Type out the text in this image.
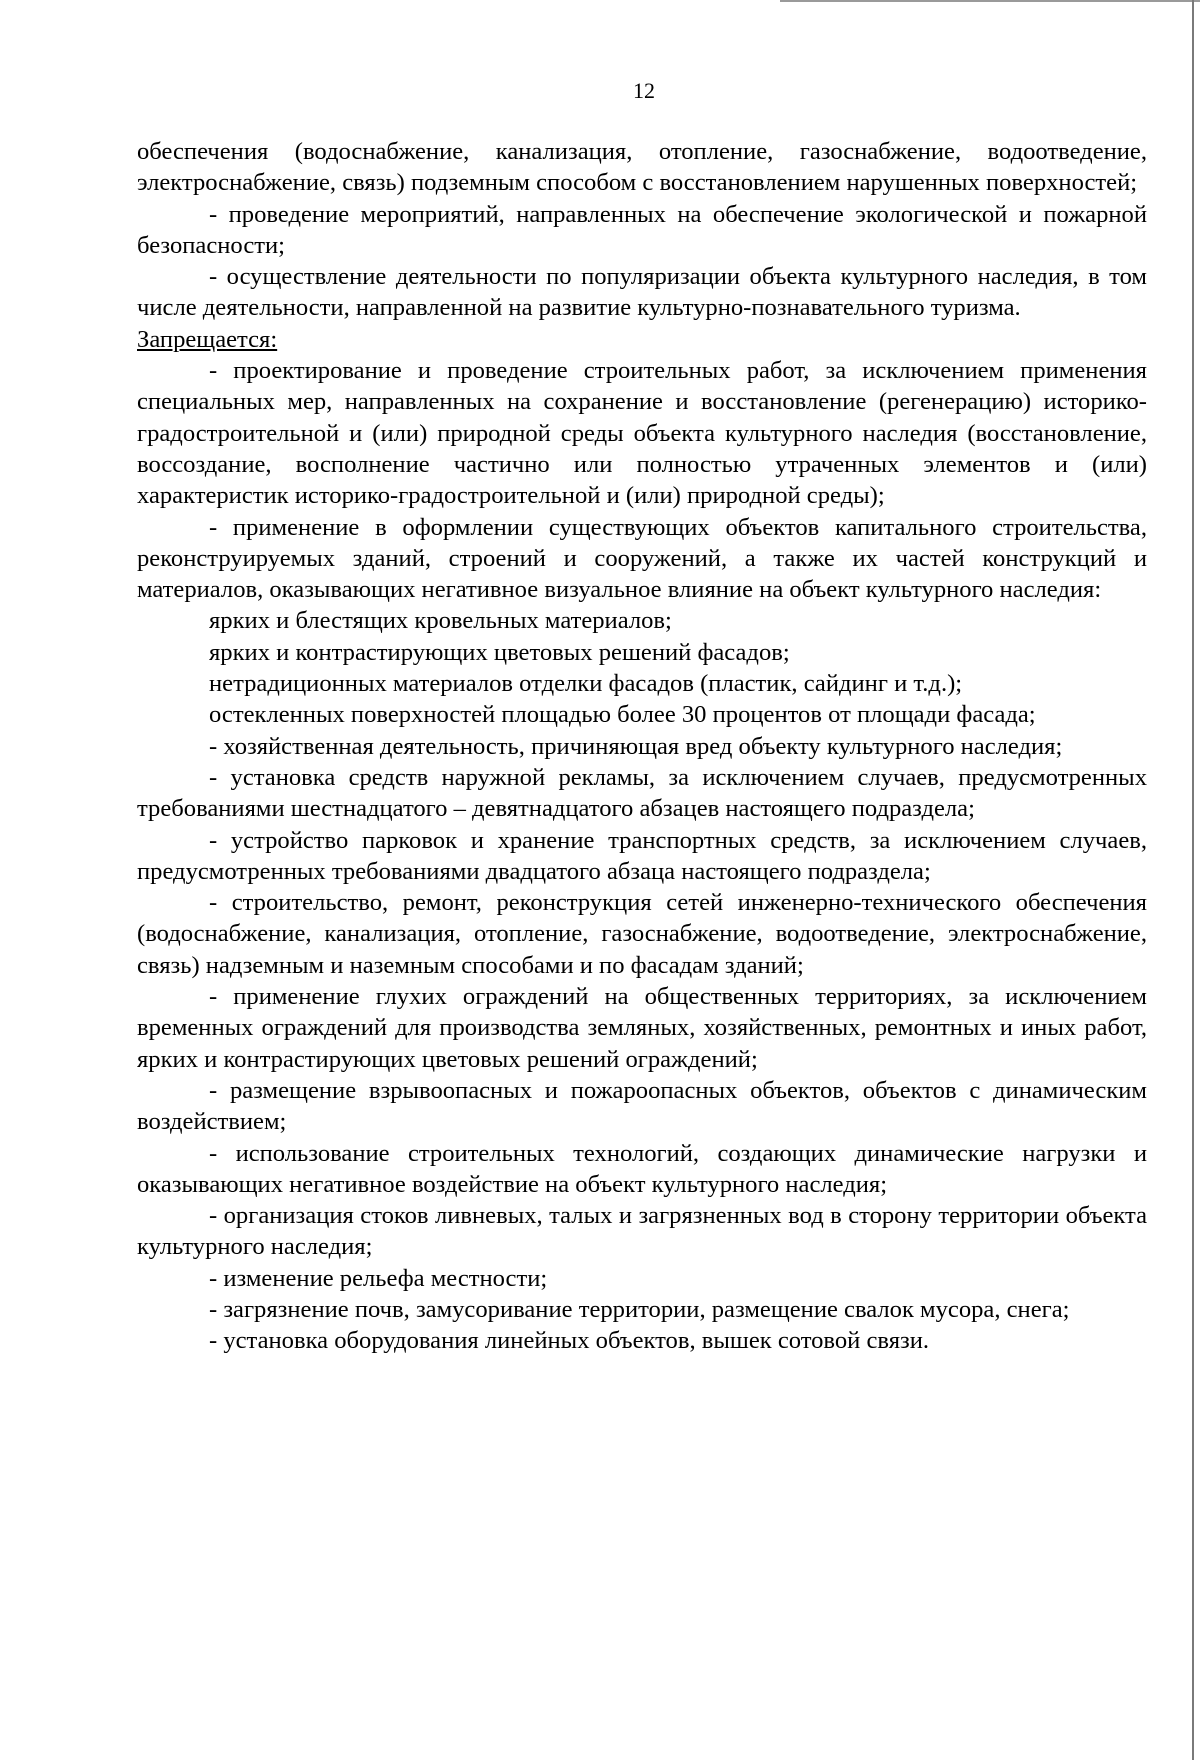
12

обеспечения (водоснабжение, канализация, отопление, газоснабжение, водоотведение, электроснабжение, связь) подземным способом с восстановлением нарушенных поверхностей;

- проведение мероприятий, направленных на обеспечение экологической и пожарной безопасности;

- осуществление деятельности по популяризации объекта культурного наследия, в том числе деятельности, направленной на развитие культурно-познавательного туризма.

Запрещается:

- проектирование и проведение строительных работ, за исключением применения специальных мер, направленных на сохранение и восстановление (регенерацию) историко-градостроительной и (или) природной среды объекта культурного наследия (восстановление, воссоздание, восполнение частично или полностью утраченных элементов и (или) характеристик историко-градостроительной и (или) природной среды);

- применение в оформлении существующих объектов капитального строительства, реконструируемых зданий, строений и сооружений, а также их частей конструкций и материалов, оказывающих негативное визуальное влияние на объект культурного наследия:

ярких и блестящих кровельных материалов;

ярких и контрастирующих цветовых решений фасадов;

нетрадиционных материалов отделки фасадов (пластик, сайдинг и т.д.);

остекленных поверхностей площадью более 30 процентов от площади фасада;

- хозяйственная деятельность, причиняющая вред объекту культурного наследия;

- установка средств наружной рекламы, за исключением случаев, предусмотренных требованиями шестнадцатого – девятнадцатого абзацев настоящего подраздела;

- устройство парковок и хранение транспортных средств, за исключением случаев, предусмотренных требованиями двадцатого абзаца настоящего подраздела;

- строительство, ремонт, реконструкция сетей инженерно-технического обеспечения (водоснабжение, канализация, отопление, газоснабжение, водоотведение, электроснабжение, связь) надземным и наземным способами и по фасадам зданий;

- применение глухих ограждений на общественных территориях, за исключением временных ограждений для производства земляных, хозяйственных, ремонтных и иных работ, ярких и контрастирующих цветовых решений ограждений;

- размещение взрывоопасных и пожароопасных объектов, объектов с динамическим воздействием;

- использование строительных технологий, создающих динамические нагрузки и оказывающих негативное воздействие на объект культурного наследия;

- организация стоков ливневых, талых и загрязненных вод в сторону территории объекта культурного наследия;

- изменение рельефа местности;

- загрязнение почв, замусоривание территории, размещение свалок мусора, снега;

- установка оборудования линейных объектов, вышек сотовой связи.
